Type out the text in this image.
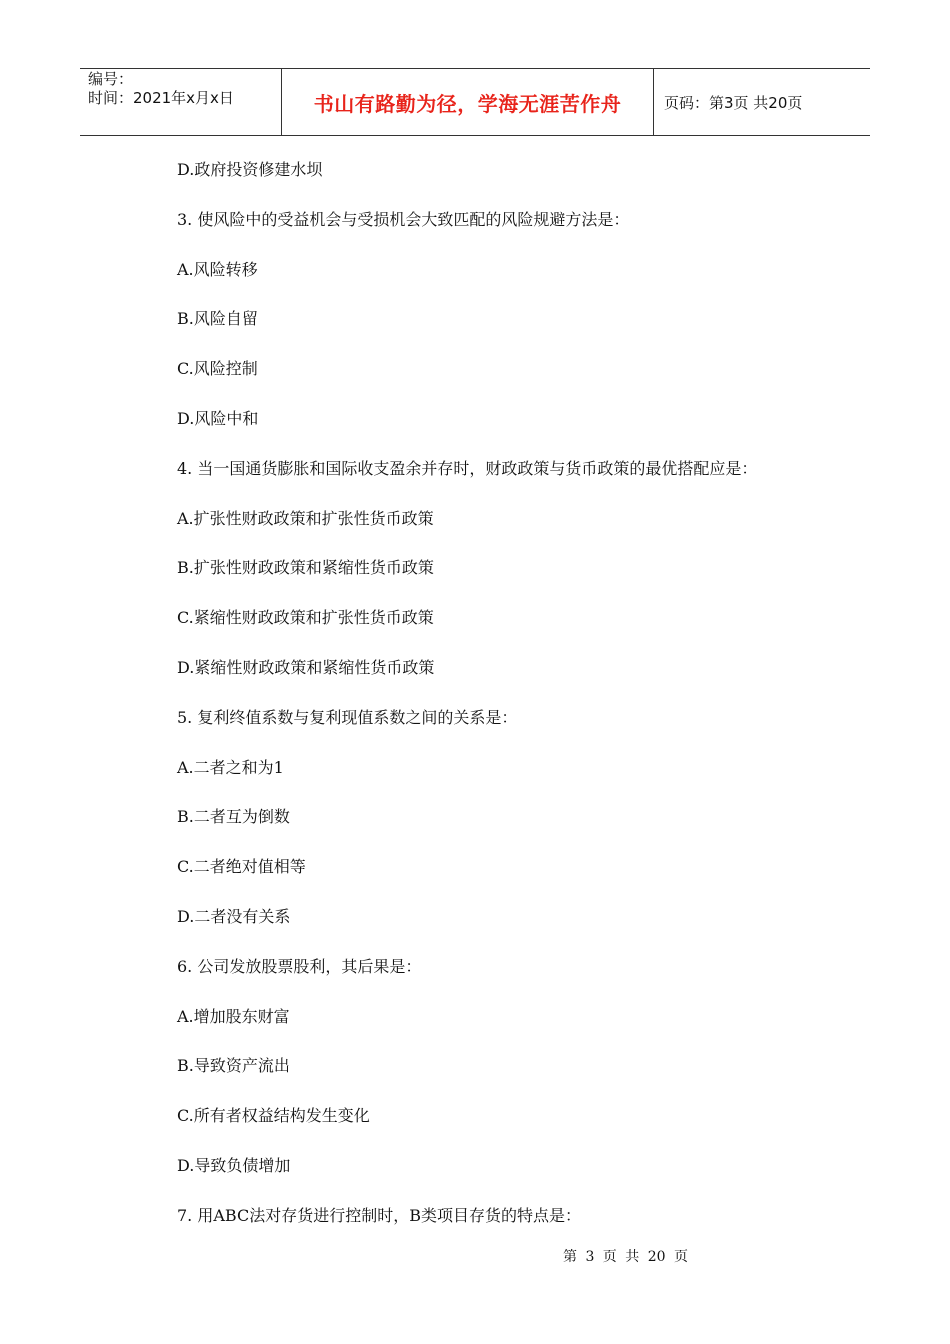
编号：
时间：2021年x月x日	书山有路勤为径，学海无涯苦作舟	页码：第3页 共20页
D.政府投资修建水坝
3. 使风险中的受益机会与受损机会大致匹配的风险规避方法是：
A.风险转移
B.风险自留
C.风险控制
D.风险中和
4. 当一国通货膨胀和国际收支盈余并存时，财政政策与货币政策的最优搭配应是：
A.扩张性财政政策和扩张性货币政策
B.扩张性财政政策和紧缩性货币政策
C.紧缩性财政政策和扩张性货币政策
D.紧缩性财政政策和紧缩性货币政策
5. 复利终值系数与复利现值系数之间的关系是：
A.二者之和为1
B.二者互为倒数
C.二者绝对值相等
D.二者没有关系
6. 公司发放股票股利，其后果是：
A.增加股东财富
B.导致资产流出
C.所有者权益结构发生变化
D.导致负债增加
7. 用ABC法对存货进行控制时，B类项目存货的特点是：
第 3 页 共 20 页
